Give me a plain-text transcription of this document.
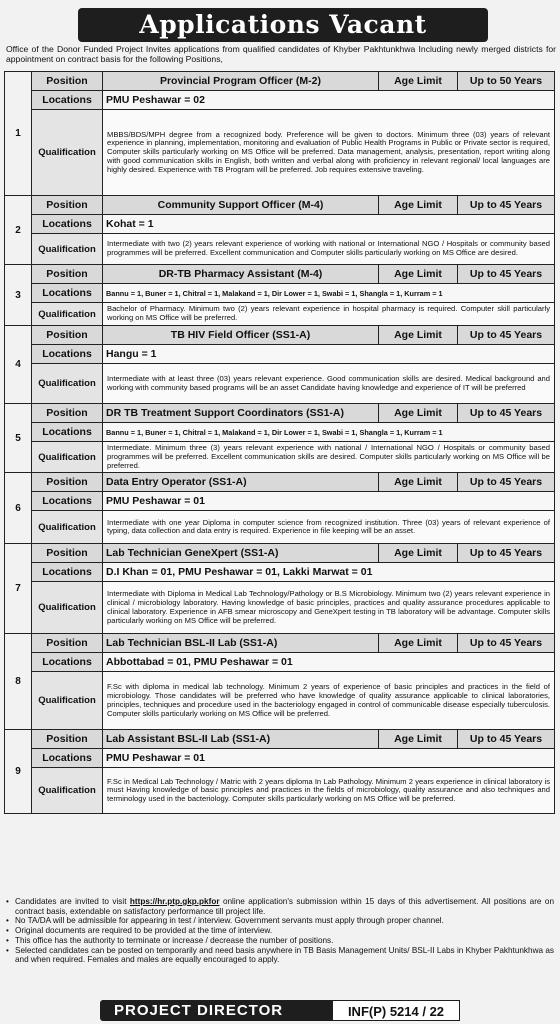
Applications Vacant
Office of the Donor Funded Project Invites applications from qualified candidates of Khyber Pakhtunkhwa Including newly merged districts for appointment on contract basis for the following Positions,
1	Position	Provincial Program Officer (M-2)	Age Limit	Up to 50 Years
	Locations	PMU Peshawar = 02		
	Qualification	MBBS/BDS/MPH degree from a recognized body. Preference will be given to doctors. Minimum three (03) years of relevant experience in planning, implementation, monitoring and evaluation of Public Health Programs in Public or Private sector is required, Computer skills particularly working on MS Office will be preferred. Data management, analysis, presentation, report writing along with good communication skills in English, both written and verbal along with proficiency in relevant regional/ local languages are highly desired. Experience with TB Program will be preferred. Job requires extensive traveling.		
2	Position	Community Support Officer (M-4)	Age Limit	Up to 45 Years
	Locations	Kohat = 1		
	Qualification	Intermediate with two (2) years relevant experience of working with national or International NGO / Hospitals or community based programmes will be preferred. Excellent communication and Computer skills particularly working on MS Office are desired.		
3	Position	DR-TB Pharmacy Assistant (M-4)	Age Limit	Up to 45 Years
	Locations	Bannu = 1, Buner = 1, Chitral = 1, Malakand = 1, Dir Lower = 1, Swabi = 1, Shangla = 1, Kurram = 1		
	Qualification	Bachelor of Pharmacy. Minimum two (2) years relevant experience in hospital pharmacy is required. Computer skill particularly working on MS Office will be preferred.		
4	Position	TB HIV Field Officer (SS1-A)	Age Limit	Up to 45 Years
	Locations	Hangu = 1		
	Qualification	Intermediate with at least three (03) years relevant experience. Good communication skills are desired. Medical background and working with community based programs will be an asset Candidate having knowledge and experience of IT will be preferred		
5	Position	DR TB Treatment Support Coordinators (SS1-A)	Age Limit	Up to 45 Years
	Locations	Bannu = 1, Buner = 1, Chitral = 1, Malakand = 1, Dir Lower = 1, Swabi = 1, Shangla = 1, Kurram = 1		
	Qualification	Intermediate. Minimum three (3) years relevant experience with national / International NGO / Hospitals or community based programmes will be preferred. Excellent communication skills are desired. Computer skills particularly working on MS Office will be preferred.		
6	Position	Data Entry Operator (SS1-A)	Age Limit	Up to 45 Years
	Locations	PMU Peshawar = 01		
	Qualification	Intermediate with one year Diploma in computer science from recognized institution. Three (03) years of relevant experience of typing, data collection and data entry is required. Experience in file keeping will be an asset.		
7	Position	Lab Technician GeneXpert (SS1-A)	Age Limit	Up to 45 Years
	Locations	D.I Khan = 01, PMU Peshawar = 01, Lakki Marwat = 01		
	Qualification	Intermediate with Diploma in Medical Lab Technology/Pathology or B.S Microbiology. Minimum two (2) years relevant experience in clinical / microbiology laboratory. Having knowledge of basic principles, practices and quality assurance procedures applicable to clinical laboratory. Experience in AFB smear microscopy and GeneXpert testing in TB laboratory will be advantage. Computer skills particularly working on MS Office will be preferred.		
8	Position	Lab Technician BSL-II Lab (SS1-A)	Age Limit	Up to 45 Years
	Locations	Abbottabad = 01, PMU Peshawar = 01		
	Qualification	F.Sc with diploma in medical lab technology. Minimum 2 years of experience of basic principles and practices in the field of microbiology. Those candidates will be preferred who have knowledge of quality assurance applicable to clinical laboratories, principles, techniques and procedure used in the bacteriology engaged in control of communicable disease especially tuberculosis. Computer skills particularly working on MS Office will be preferred.		
9	Position	Lab Assistant BSL-II Lab (SS1-A)	Age Limit	Up to 45 Years
	Locations	PMU Peshawar = 01		
	Qualification	F.Sc in Medical Lab Technology / Matric with 2 years diploma In Lab Pathology. Minimum 2 years experience in clinical laboratory is must Having knowledge of basic principles and practices in the fields of microbiology, quality assurance and also techniques and terminology used in the bacteriology. Computer skills particularly working on MS Office will be preferred.		
• Candidates are invited to visit https://hr.ptp.gkp.pkfor online application's submission within 15 days of this advertisement. All positions are on contract basis, extendable on satisfactory performance till project life.
• No TA/DA will be admissible for appearing in test / interview. Government servants must apply through proper channel.
• Original documents are required to be provided at the time of interview.
• This office has the authority to terminate or increase / decrease the number of positions.
• Selected candidates can be posted on temporarily and need basis anywhere in TB Basis Management Units/ BSL-II Labs in Khyber Pakhtunkhwa as and when required. Females and males are equally encouraged to apply.
PROJECT DIRECTOR	INF(P) 5214 / 22
